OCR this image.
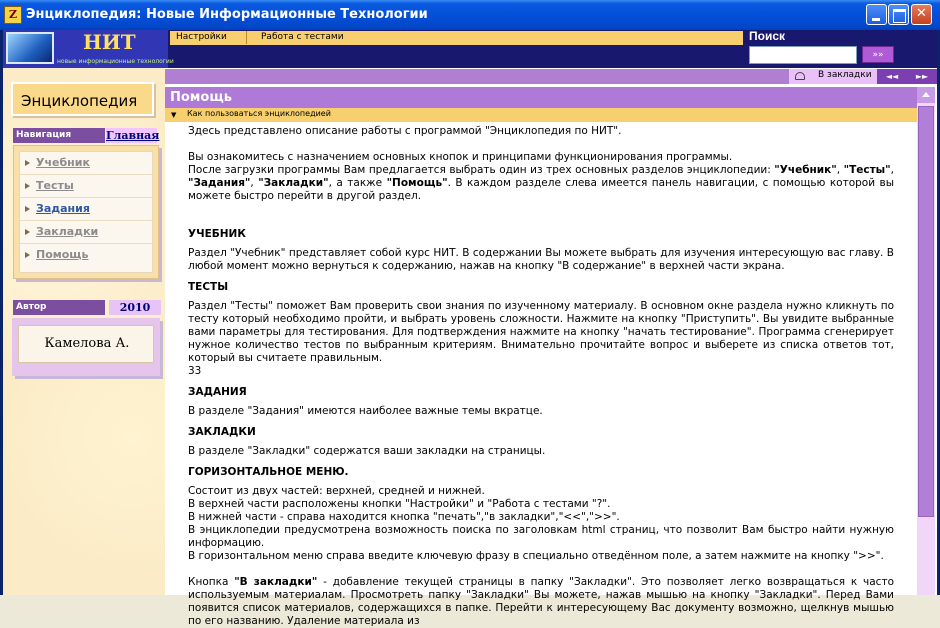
Z Энциклопедия: Новые Информационные Технологии
✕
НИТ
новые информационные технологии
Настройки	Работа с тестами	Поиск
»»
Энциклопедия
Навигация	Главная
Учебник
Тесты
Задания
Закладки
Помощь
Автор	2010
Камелова А.
В закладки	◄◄	►►
Помощь
▼ Как пользоваться энциклопедией
Здесь представлено описание работы с программой "Энциклопедия по НИТ".
Вы ознакомитесь с назначением основных кнопок и принципами функционирования программы.
После загрузки программы Вам предлагается выбрать один из трех основных разделов энциклопедии: "Учебник", "Тесты", "Задания", "Закладки", а также "Помощь". В каждом разделе слева имеется панель навигации, с помощью которой вы можете быстро перейти в другой раздел.
УЧЕБНИК
Раздел "Учебник" представляет собой курс НИТ. В содержании Вы можете выбрать для изучения интересующую вас главу. В любой момент можно вернуться к содержанию, нажав на кнопку "В содержание" в верхней части экрана.
ТЕСТЫ
Раздел "Тесты" поможет Вам проверить свои знания по изученному материалу. В основном окне раздела нужно кликнуть по тесту который необходимо пройти, и выбрать уровень сложности. Нажмите на кнопку "Приступить". Вы увидите выбранные вами параметры для тестирования. Для подтверждения нажмите на кнопку "начать тестирование". Программа сгенерирует нужное количество тестов по выбранным критериям. Внимательно прочитайте вопрос и выберете из списка ответов тот, который вы считаете правильным.
33
ЗАДАНИЯ
В разделе "Задания" имеются наиболее важные темы вкратце.
ЗАКЛАДКИ
В разделе "Закладки" содержатся ваши закладки на страницы.
ГОРИЗОНТАЛЬНОЕ МЕНЮ.
Состоит из двух частей: верхней, средней и нижней.
В верхней части расположены кнопки "Настройки" и "Работа с тестами "?".
В нижней части - справа находится кнопка "печать","в закладки","<<",">>".
В энциклопедии предусмотрена возможность поиска по заголовкам html страниц, что позволит Вам быстро найти нужную информацию.
В горизонтальном меню справа введите ключевую фразу в специально отведённом поле, а затем нажмите на кнопку ">>".
Кнопка "В закладки" - добавление текущей страницы в папку "Закладки". Это позволяет легко возвращаться к часто используемым материалам. Просмотреть папку "Закладки" Вы можете, нажав мышью на кнопку "Закладки". Перед Вами появится список материалов, содержащихся в папке. Перейти к интересующему Вас документу возможно, щелкнув мышью по его названию. Удаление материала из
